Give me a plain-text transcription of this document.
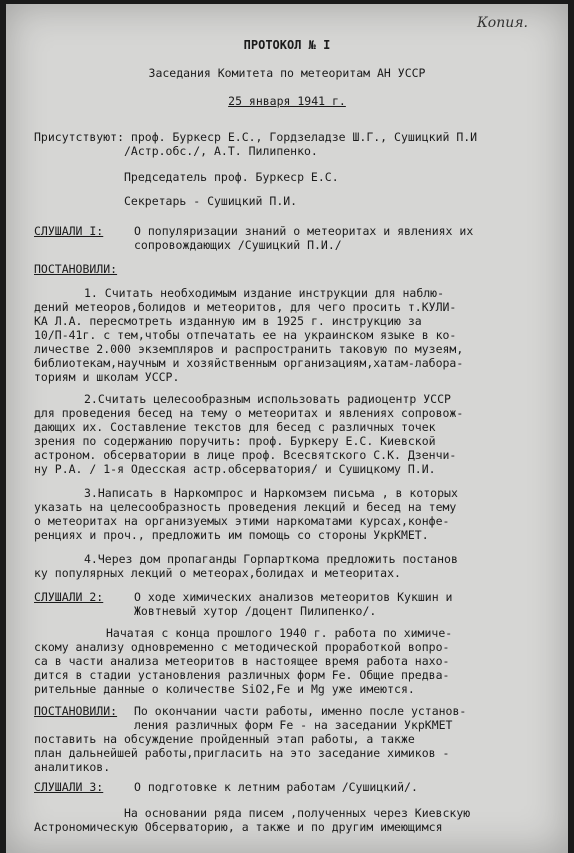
Копия.
ПРОТОКОЛ № I
Заседания Комитета по метеоритам АН УССР
25 января 1941 г.
Присутствуют: проф. Буркеср Е.С., Гордзеладзе Ш.Г., Сушицкий П.И
/Астр.обс./, А.Т. Пилипенко.
Председатель проф. Буркеср Е.С.
Секретарь - Сушицкий П.И.
СЛУШАЛИ I:	О популяризации знаний о метеоритах и явлениях их
сопровождающих /Сушицкий П.И./
ПОСТАНОВИЛИ:
1. Считать необходимым издание инструкции для наблю-
дений метеоров,болидов и метеоритов, для чего просить т.КУЛИ-
КА Л.А. пересмотреть изданную им в 1925 г. инструкцию за
10/П-41г. с тем,чтобы отпечатать ее на украинском языке в ко-
личестве 2.000 экземпляров и распространить таковую по музеям,
библиотекам,научным и хозяйственным организациям,хатам-лабора-
ториям и школам УССР.
2.Считать целесообразным использовать радиоцентр УССР
для проведения бесед на тему о метеоритах и явлениях сопровож-
дающих их. Составление текстов для бесед с различных точек
зрения по содержанию поручить: проф. Буркеру Е.С. Киевской
астроном. обсерватории в лице проф. Всесвятского С.К. Дзенчи-
ну Р.А. / 1-я Одесская астр.обсерватория/ и Сушицкому П.И.
3.Написать в Наркомпрос и Наркомзем письма , в которых
указать на целесообразность проведения лекций и бесед на тему
о метеоритах на организуемых этими наркоматами курсах,конфе-
ренциях и проч., предложить им помощь со стороны УкрКМЕТ.
4.Через дом пропаганды Горпарткома предложить постанов
ку популярных лекций о метеорах,болидах и метеоритах.
СЛУШАЛИ 2:	О ходе химических анализов метеоритов Кукшин и
Жовтневый хутор /доцент Пилипенко/.
Начатая с конца прошлого 1940 г. работа по химиче-
скому анализу одновременно с методической проработкой вопро-
са в части анализа метеоритов в настоящее время работа нахо-
дится в стадии установления различных форм Fe. Общие предва-
рительные данные о количестве SiO2,Fe и Mg уже имеются.
ПОСТАНОВИЛИ: По окончании части работы, именно после установ-
ления различных форм Fe - на заседании УкрКМЕТ
поставить на обсуждение пройденный этап работы, а также
план дальнейшей работы,пригласить на это заседание химиков -
аналитиков.
СЛУШАЛИ 3:	О подготовке к летним работам /Сушицкий/.
На основании ряда писем ,полученных через Киевскую
Астрономическую Обсерваторию, а также и по другим имеющимся
